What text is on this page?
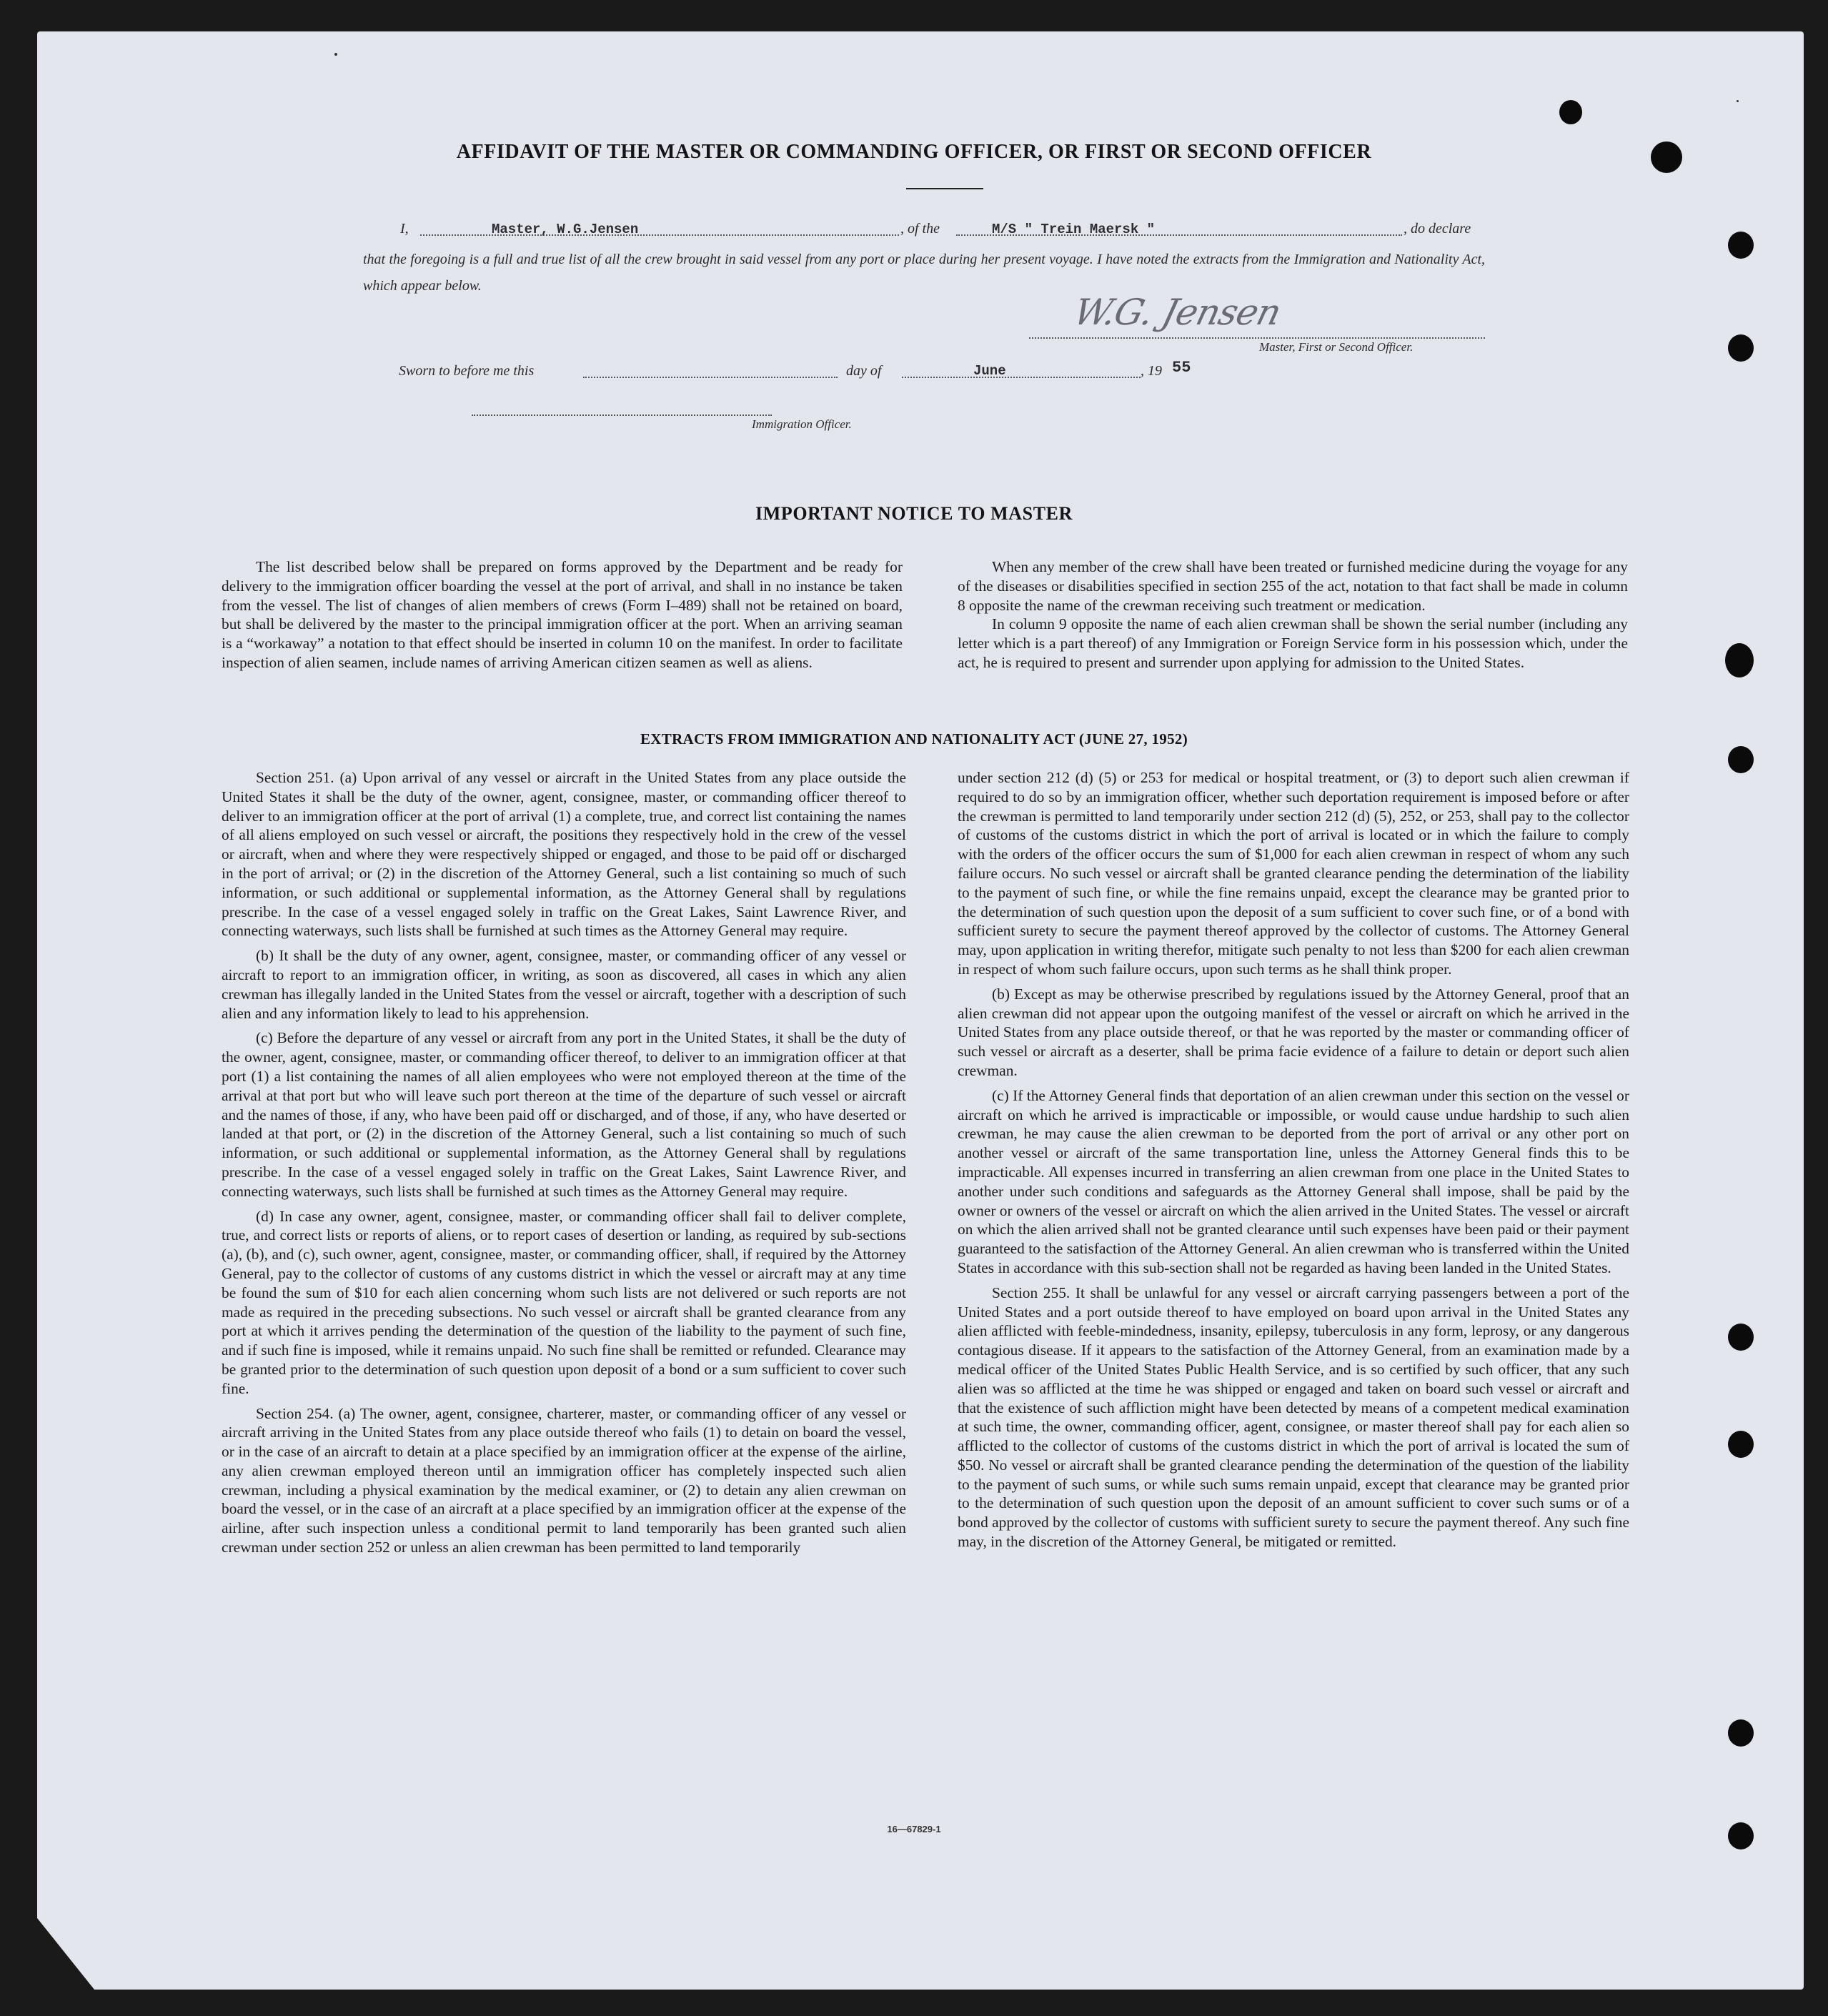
AFFIDAVIT OF THE MASTER OR COMMANDING OFFICER, OR FIRST OR SECOND OFFICER
I,	Master, W.G.Jensen	, of the	M/S " Trein Maersk "	, do declare
that the foregoing is a full and true list of all the crew brought in said vessel from any port or place during her present voyage. I have noted the extracts from the Immigration and Nationality Act, which appear below.
W.G. Jensen
Master, First or Second Officer.
Sworn to before me this	day of	June	, 19 55
Immigration Officer.
IMPORTANT NOTICE TO MASTER

The list described below shall be prepared on forms approved by the Department and be ready for delivery to the immigration officer boarding the vessel at the port of arrival, and shall in no instance be taken from the vessel. The list of changes of alien members of crews (Form I–489) shall not be retained on board, but shall be delivered by the master to the principal immigration officer at the port. When an arriving seaman is a “workaway” a notation to that effect should be inserted in column 10 on the manifest. In order to facilitate inspection of alien seamen, include names of arriving American citizen seamen as well as aliens.

When any member of the crew shall have been treated or furnished medicine during the voyage for any of the diseases or disabilities specified in section 255 of the act, notation to that fact shall be made in column 8 opposite the name of the crewman receiving such treatment or medication.

In column 9 opposite the name of each alien crewman shall be shown the serial number (including any letter which is a part thereof) of any Immigration or Foreign Service form in his possession which, under the act, he is required to present and surrender upon applying for admission to the United States.

EXTRACTS FROM IMMIGRATION AND NATIONALITY ACT (JUNE 27, 1952)

Section 251. (a) Upon arrival of any vessel or aircraft in the United States from any place outside the United States it shall be the duty of the owner, agent, consignee, master, or commanding officer thereof to deliver to an immigration officer at the port of arrival (1) a complete, true, and correct list containing the names of all aliens employed on such vessel or aircraft, the positions they respectively hold in the crew of the vessel or aircraft, when and where they were respectively shipped or engaged, and those to be paid off or discharged in the port of arrival; or (2) in the discretion of the Attorney General, such a list containing so much of such information, or such additional or supplemental information, as the Attorney General shall by regulations prescribe. In the case of a vessel engaged solely in traffic on the Great Lakes, Saint Lawrence River, and connecting waterways, such lists shall be furnished at such times as the Attorney General may require.

(b) It shall be the duty of any owner, agent, consignee, master, or commanding officer of any vessel or aircraft to report to an immigration officer, in writing, as soon as discovered, all cases in which any alien crewman has illegally landed in the United States from the vessel or aircraft, together with a description of such alien and any information likely to lead to his apprehension.

(c) Before the departure of any vessel or aircraft from any port in the United States, it shall be the duty of the owner, agent, consignee, master, or commanding officer thereof, to deliver to an immigration officer at that port (1) a list containing the names of all alien employees who were not employed thereon at the time of the arrival at that port but who will leave such port thereon at the time of the departure of such vessel or aircraft and the names of those, if any, who have been paid off or discharged, and of those, if any, who have deserted or landed at that port, or (2) in the discretion of the Attorney General, such a list containing so much of such information, or such additional or supplemental information, as the Attorney General shall by regulations prescribe. In the case of a vessel engaged solely in traffic on the Great Lakes, Saint Lawrence River, and connecting waterways, such lists shall be furnished at such times as the Attorney General may require.

(d) In case any owner, agent, consignee, master, or commanding officer shall fail to deliver complete, true, and correct lists or reports of aliens, or to report cases of desertion or landing, as required by sub-sections (a), (b), and (c), such owner, agent, consignee, master, or commanding officer, shall, if required by the Attorney General, pay to the collector of customs of any customs district in which the vessel or aircraft may at any time be found the sum of $10 for each alien concerning whom such lists are not delivered or such reports are not made as required in the preceding subsections. No such vessel or aircraft shall be granted clearance from any port at which it arrives pending the determination of the question of the liability to the payment of such fine, and if such fine is imposed, while it remains unpaid. No such fine shall be remitted or refunded. Clearance may be granted prior to the determination of such question upon deposit of a bond or a sum sufficient to cover such fine.

Section 254. (a) The owner, agent, consignee, charterer, master, or commanding officer of any vessel or aircraft arriving in the United States from any place outside thereof who fails (1) to detain on board the vessel, or in the case of an aircraft to detain at a place specified by an immigration officer at the expense of the airline, any alien crewman employed thereon until an immigration officer has completely inspected such alien crewman, including a physical examination by the medical examiner, or (2) to detain any alien crewman on board the vessel, or in the case of an aircraft at a place specified by an immigration officer at the expense of the airline, after such inspection unless a conditional permit to land temporarily has been granted such alien crewman under section 252 or unless an alien crewman has been permitted to land temporarily

under section 212 (d) (5) or 253 for medical or hospital treatment, or (3) to deport such alien crewman if required to do so by an immigration officer, whether such deportation requirement is imposed before or after the crewman is permitted to land temporarily under section 212 (d) (5), 252, or 253, shall pay to the collector of customs of the customs district in which the port of arrival is located or in which the failure to comply with the orders of the officer occurs the sum of $1,000 for each alien crewman in respect of whom any such failure occurs. No such vessel or aircraft shall be granted clearance pending the determination of the liability to the payment of such fine, or while the fine remains unpaid, except the clearance may be granted prior to the determination of such question upon the deposit of a sum sufficient to cover such fine, or of a bond with sufficient surety to secure the payment thereof approved by the collector of customs. The Attorney General may, upon application in writing therefor, mitigate such penalty to not less than $200 for each alien crewman in respect of whom such failure occurs, upon such terms as he shall think proper.

(b) Except as may be otherwise prescribed by regulations issued by the Attorney General, proof that an alien crewman did not appear upon the outgoing manifest of the vessel or aircraft on which he arrived in the United States from any place outside thereof, or that he was reported by the master or commanding officer of such vessel or aircraft as a deserter, shall be prima facie evidence of a failure to detain or deport such alien crewman.

(c) If the Attorney General finds that deportation of an alien crewman under this section on the vessel or aircraft on which he arrived is impracticable or impossible, or would cause undue hardship to such alien crewman, he may cause the alien crewman to be deported from the port of arrival or any other port on another vessel or aircraft of the same transportation line, unless the Attorney General finds this to be impracticable. All expenses incurred in transferring an alien crewman from one place in the United States to another under such conditions and safeguards as the Attorney General shall impose, shall be paid by the owner or owners of the vessel or aircraft on which the alien arrived in the United States. The vessel or aircraft on which the alien arrived shall not be granted clearance until such expenses have been paid or their payment guaranteed to the satisfaction of the Attorney General. An alien crewman who is transferred within the United States in accordance with this sub-section shall not be regarded as having been landed in the United States.

Section 255. It shall be unlawful for any vessel or aircraft carrying passengers between a port of the United States and a port outside thereof to have employed on board upon arrival in the United States any alien afflicted with feeble-mindedness, insanity, epilepsy, tuberculosis in any form, leprosy, or any dangerous contagious disease. If it appears to the satisfaction of the Attorney General, from an examination made by a medical officer of the United States Public Health Service, and is so certified by such officer, that any such alien was so afflicted at the time he was shipped or engaged and taken on board such vessel or aircraft and that the existence of such affliction might have been detected by means of a competent medical examination at such time, the owner, commanding officer, agent, consignee, or master thereof shall pay for each alien so afflicted to the collector of customs of the customs district in which the port of arrival is located the sum of $50. No vessel or aircraft shall be granted clearance pending the determination of the question of the liability to the payment of such sums, or while such sums remain unpaid, except that clearance may be granted prior to the determination of such question upon the deposit of an amount sufficient to cover such sums or of a bond approved by the collector of customs with sufficient surety to secure the payment thereof. Any such fine may, in the discretion of the Attorney General, be mitigated or remitted.

16—67829-1
